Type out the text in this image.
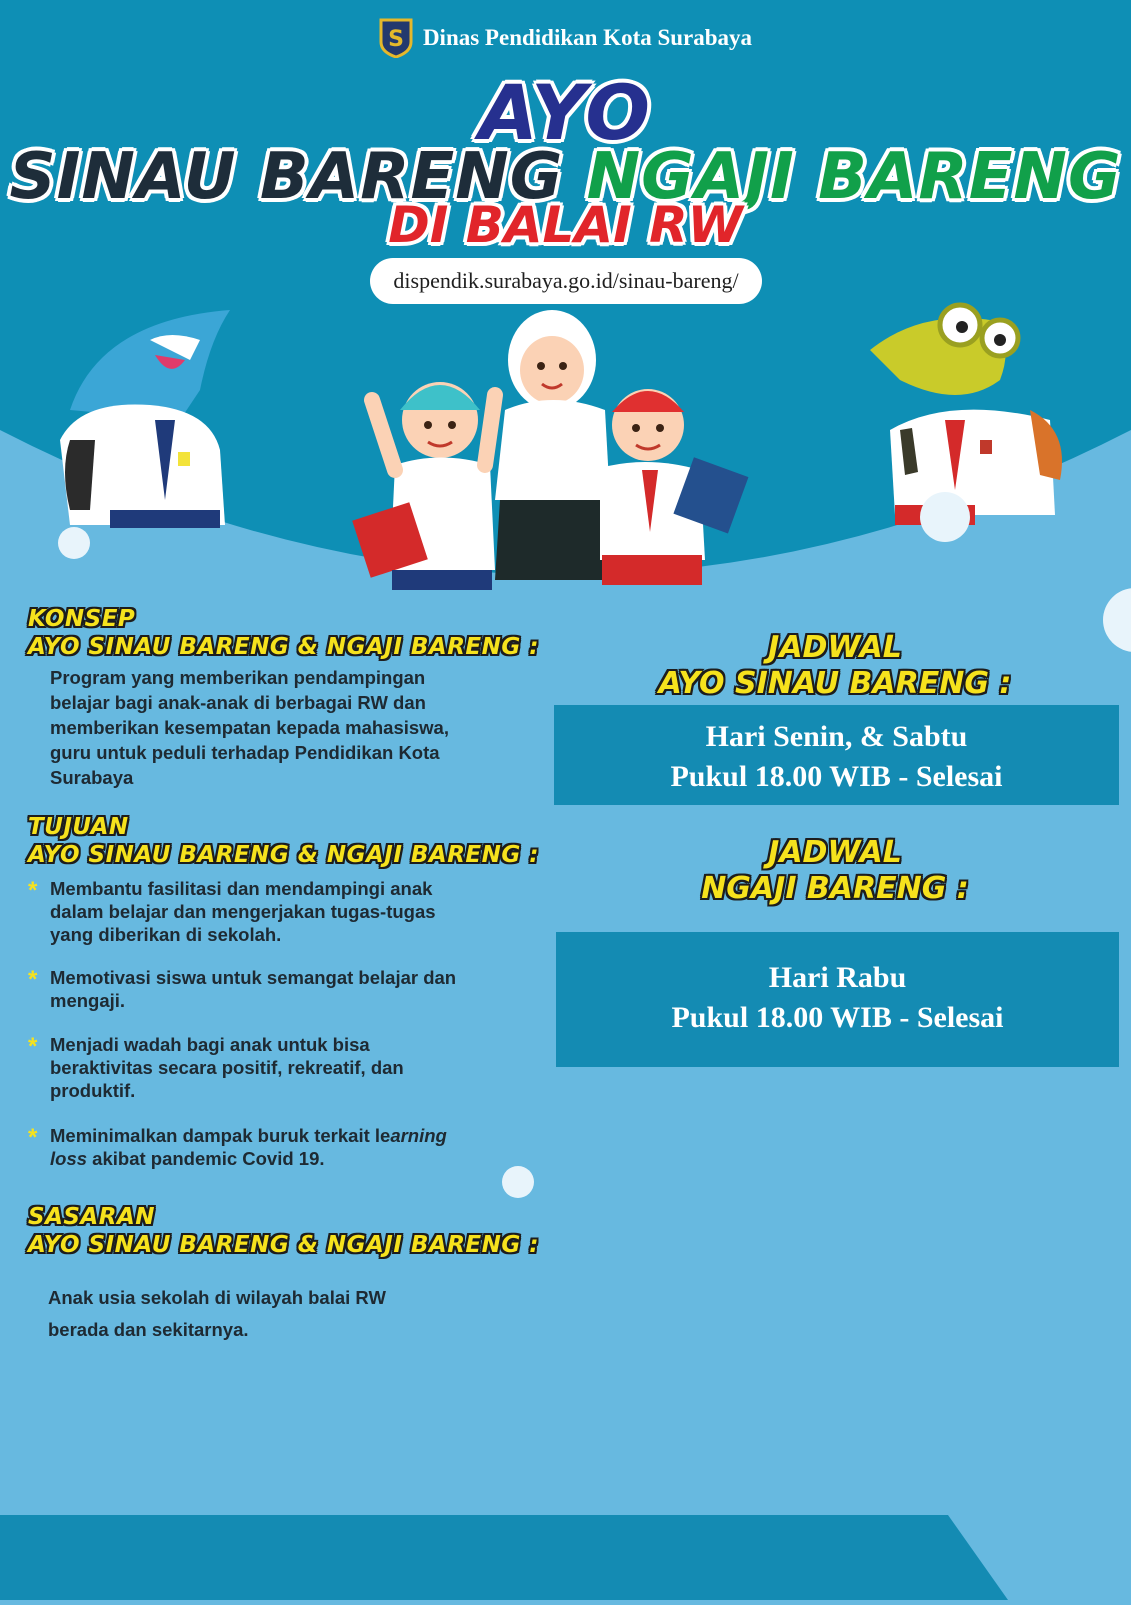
S Dinas Pendidikan Kota Surabaya
AYO
SINAU BARENG NGAJI BARENG
DI BALAI RW
dispendik.surabaya.go.id/sinau-bareng/
KONSEP
AYO SINAU BARENG & NGAJI BARENG :
Program yang memberikan pendampingan
belajar bagi anak-anak di berbagai RW dan
memberikan kesempatan kepada mahasiswa,
guru untuk peduli terhadap Pendidikan Kota
Surabaya
TUJUAN
AYO SINAU BARENG & NGAJI BARENG :
* Membantu fasilitasi dan mendampingi anak
dalam belajar dan mengerjakan tugas-tugas
yang diberikan di sekolah.
* Memotivasi siswa untuk semangat belajar dan
mengaji.
* Menjadi wadah bagi anak untuk bisa
beraktivitas secara positif, rekreatif, dan
produktif.
* Meminimalkan dampak buruk terkait learning
loss akibat pandemic Covid 19.
SASARAN
AYO SINAU BARENG & NGAJI BARENG :
Anak usia sekolah di wilayah balai RW
berada dan sekitarnya.
JADWAL
AYO SINAU BARENG :
Hari Senin, & Sabtu
Pukul 18.00 WIB - Selesai
JADWAL
NGAJI BARENG :
Hari Rabu
Pukul 18.00 WIB - Selesai
